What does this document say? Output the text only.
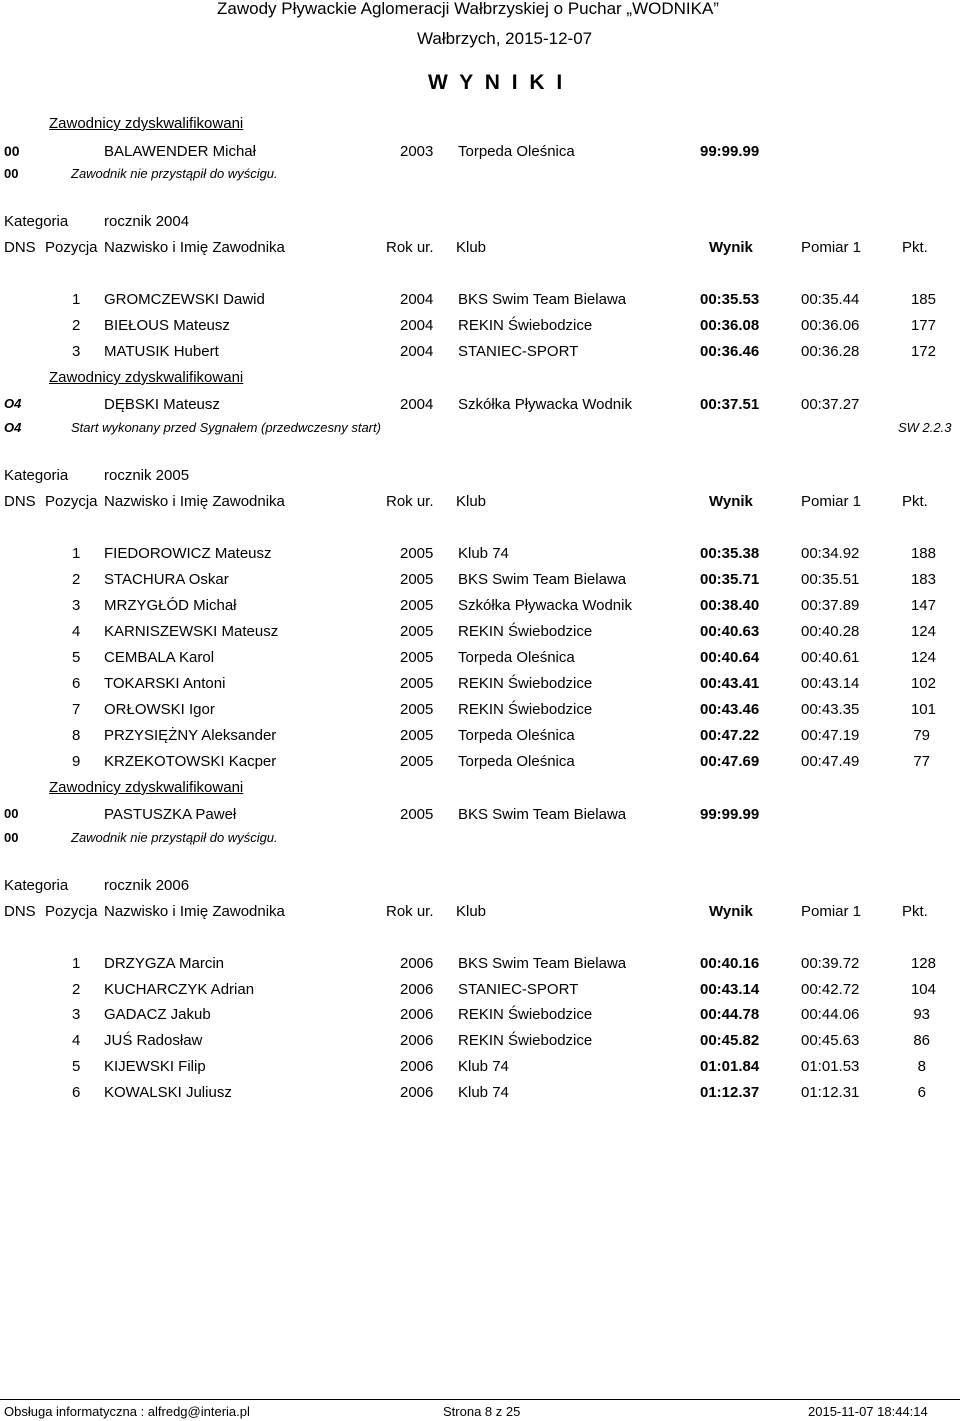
Zawody Pływackie Aglomeracji Wałbrzyskiej o Puchar „WODNIKA”
Wałbrzych, 2015-12-07
W Y N I K I
Zawodnicy zdyskwalifikowani
00	BALAWENDER Michał	2003 Torpeda Oleśnica	99:99.99
00	Zawodnik nie przystąpił do wyścigu.
Kategoria rocznik 2004
DNS Pozycja Nazwisko i Imię Zawodnika	Rok ur. Klub	Wynik	Pomiar 1	Pkt.
1 GROMCZEWSKI Dawid	2004 BKS Swim Team Bielawa	00:35.53	00:35.44	185
2 BIEŁOUS Mateusz	2004 REKIN Świebodzice	00:36.08	00:36.06	177
3 MATUSIK Hubert	2004 STANIEC-SPORT	00:36.46	00:36.28	172
Zawodnicy zdyskwalifikowani
O4	DĘBSKI Mateusz	2004 Szkółka Pływacka Wodnik	00:37.51	00:37.27
O4	Start wykonany przed Sygnałem (przedwczesny start)	SW 2.2.3
Kategoria rocznik 2005
DNS Pozycja Nazwisko i Imię Zawodnika	Rok ur. Klub	Wynik	Pomiar 1	Pkt.
1 FIEDOROWICZ Mateusz	2005 Klub 74	00:35.38	00:34.92	188
2 STACHURA Oskar	2005 BKS Swim Team Bielawa	00:35.71	00:35.51	183
3 MRZYGŁÓD Michał	2005 Szkółka Pływacka Wodnik	00:38.40	00:37.89	147
4 KARNISZEWSKI Mateusz	2005 REKIN Świebodzice	00:40.63	00:40.28	124
5 CEMBALA Karol	2005 Torpeda Oleśnica	00:40.64	00:40.61	124
6 TOKARSKI Antoni	2005 REKIN Świebodzice	00:43.41	00:43.14	102
7 ORŁOWSKI Igor	2005 REKIN Świebodzice	00:43.46	00:43.35	101
8 PRZYSIĘŻNY Aleksander	2005 Torpeda Oleśnica	00:47.22	00:47.19	79
9 KRZEKOTOWSKI Kacper	2005 Torpeda Oleśnica	00:47.69	00:47.49	77
Zawodnicy zdyskwalifikowani
00	PASTUSZKA Paweł	2005 BKS Swim Team Bielawa	99:99.99
00	Zawodnik nie przystąpił do wyścigu.
Kategoria rocznik 2006
DNS Pozycja Nazwisko i Imię Zawodnika	Rok ur. Klub	Wynik	Pomiar 1	Pkt.
1 DRZYGZA Marcin	2006 BKS Swim Team Bielawa	00:40.16	00:39.72	128
2 KUCHARCZYK Adrian	2006 STANIEC-SPORT	00:43.14	00:42.72	104
3 GADACZ Jakub	2006 REKIN Świebodzice	00:44.78	00:44.06	93
4 JUŚ Radosław	2006 REKIN Świebodzice	00:45.82	00:45.63	86
5 KIJEWSKI Filip	2006 Klub 74	01:01.84	01:01.53	8
6 KOWALSKI Juliusz	2006 Klub 74	01:12.37	01:12.31	6
Obsługa informatyczna : alfredg@interia.pl	Strona 8 z 25	2015-11-07 18:44:14
